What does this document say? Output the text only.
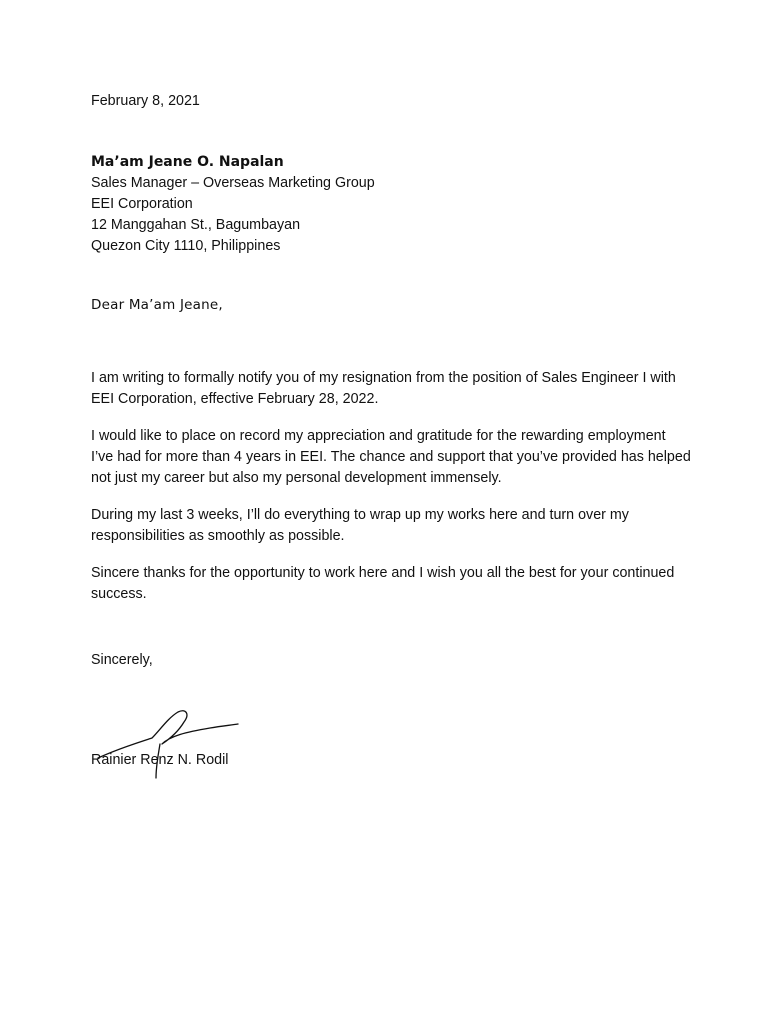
February 8, 2021
Ma’am Jeane O. Napalan
Sales Manager – Overseas Marketing Group
EEI Corporation
12 Manggahan St., Bagumbayan
Quezon City 1110, Philippines
Dear Ma’am Jeane,

I am writing to formally notify you of my resignation from the position of Sales Engineer I with EEI Corporation, effective February 28, 2022.

I would like to place on record my appreciation and gratitude for the rewarding employment I’ve had for more than 4 years in EEI. The chance and support that you’ve provided has helped not just my career but also my personal development immensely.

During my last 3 weeks, I’ll do everything to wrap up my works here and turn over my responsibilities as smoothly as possible.

Sincere thanks for the opportunity to work here and I wish you all the best for your continued success.

Sincerely,
Rainier Renz N. Rodil
